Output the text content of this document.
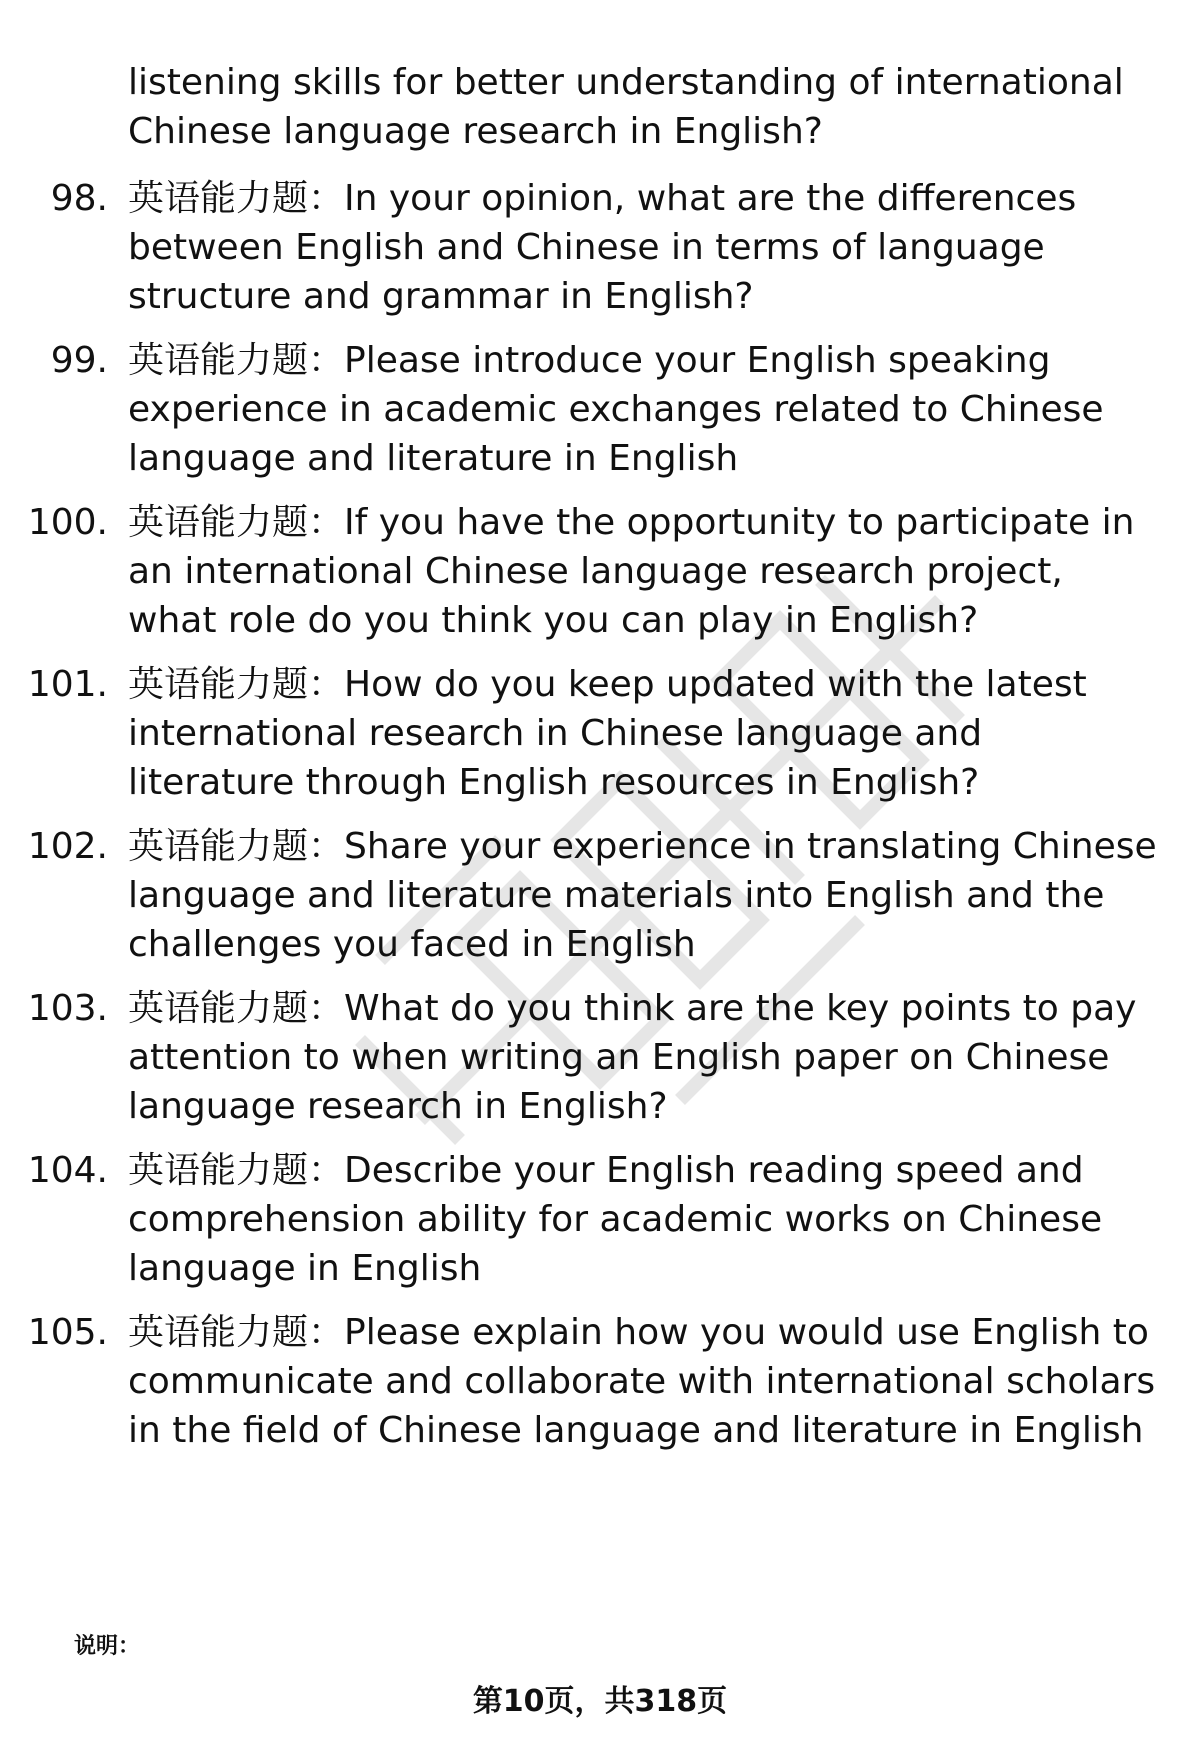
listening skills for better understanding of international Chinese language research in English?
98. 英语能力题：In your opinion, what are the differences between English and Chinese in terms of language structure and grammar in English?
99. 英语能力题：Please introduce your English speaking experience in academic exchanges related to Chinese language and literature in English
100. 英语能力题：If you have the opportunity to participate in an international Chinese language research project, what role do you think you can play in English?
101. 英语能力题：How do you keep updated with the latest international research in Chinese language and literature through English resources in English?
102. 英语能力题：Share your experience in translating Chinese language and literature materials into English and the challenges you faced in English
103. 英语能力题：What do you think are the key points to pay attention to when writing an English paper on Chinese language research in English?
104. 英语能力题：Describe your English reading speed and comprehension ability for academic works on Chinese language in English
105. 英语能力题：Please explain how you would use English to communicate and collaborate with international scholars in the field of Chinese language and literature in English
说明：
第10页，共318页
